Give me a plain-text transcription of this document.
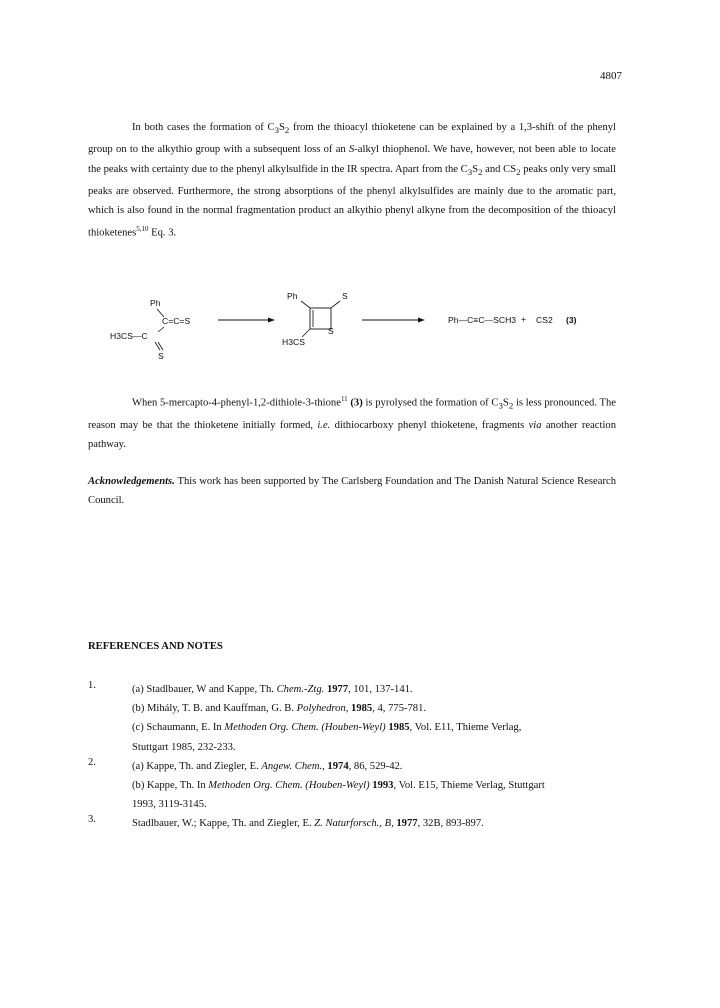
4807

In both cases the formation of $C_3S_2$ from the thioacyl thioketene can be explained by a 1,3-shift of the phenyl group on to the alkythio group with a subsequent loss of an S-alkyl thiophenol. We have, however, not been able to locate the peaks with certainty due to the phenyl alkylsulfide in the IR spectra. Apart from the $C_3S_2$ and $CS_2$ peaks only very small peaks are observed. Furthermore, the strong absorptions of the phenyl alkylsulfides are mainly due to the aromatic part, which is also found in the normal fragmentation product an alkythio phenyl alkyne from the decomposition of the thioacyl thioketenes$^{5,10}$ Eq. 3.

Ph
C=C=S
H3CS—C
S
Ph	S
S
H3CS
Ph—C≡C—SCH3 + CS2 (3)

When 5-mercapto-4-phenyl-1,2-dithiole-3-thione$^{11}$ (3) is pyrolysed the formation of $C_3S_2$ is less pronounced. The reason may be that the thioketene initially formed, i.e. dithiocarboxy phenyl thioketene, fragments via another reaction pathway.

Acknowledgements. This work has been supported by The Carlsberg Foundation and The Danish Natural Science Research Council.

REFERENCES AND NOTES
1.	(a) Stadlbauer, W and Kappe, Th. Chem.-Ztg. 1977, 101, 137-141.
(b) Mihály, T. B. and Kauffman, G. B. Polyhedron, 1985, 4, 775-781.
(c) Schaumann, E. In Methoden Org. Chem. (Houben-Weyl) 1985, Vol. E11, Thieme Verlag,
Stuttgart 1985, 232-233.
2.	(a) Kappe, Th. and Ziegler, E. Angew. Chem., 1974, 86, 529-42.
(b) Kappe, Th. In Methoden Org. Chem. (Houben-Weyl) 1993, Vol. E15, Thieme Verlag, Stuttgart
1993, 3119-3145.
3.	Stadlbauer, W.; Kappe, Th. and Ziegler, E. Z. Naturforsch., B, 1977, 32B, 893-897.
